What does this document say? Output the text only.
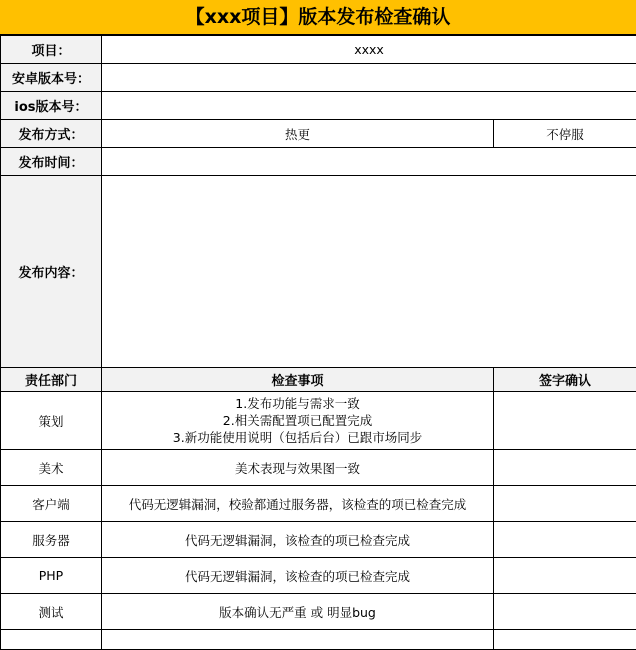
【xxx项目】版本发布检查确认
项目：	xxxx	
安卓版本号：		
ios版本号：		
发布方式：	热更	不停服
发布时间：		
发布内容：		
责任部门	检查事项	签字确认
策划	1.发布功能与需求一致
2.相关需配置项已配置完成
3.新功能使用说明（包括后台）已跟市场同步	

美术	美术表现与效果图一致	
客户端	代码无逻辑漏洞，校验都通过服务器，该检查的项已检查完成	
服务器	代码无逻辑漏洞，该检查的项已检查完成	
PHP	代码无逻辑漏洞，该检查的项已检查完成	
测试	版本确认无严重 或 明显bug	
